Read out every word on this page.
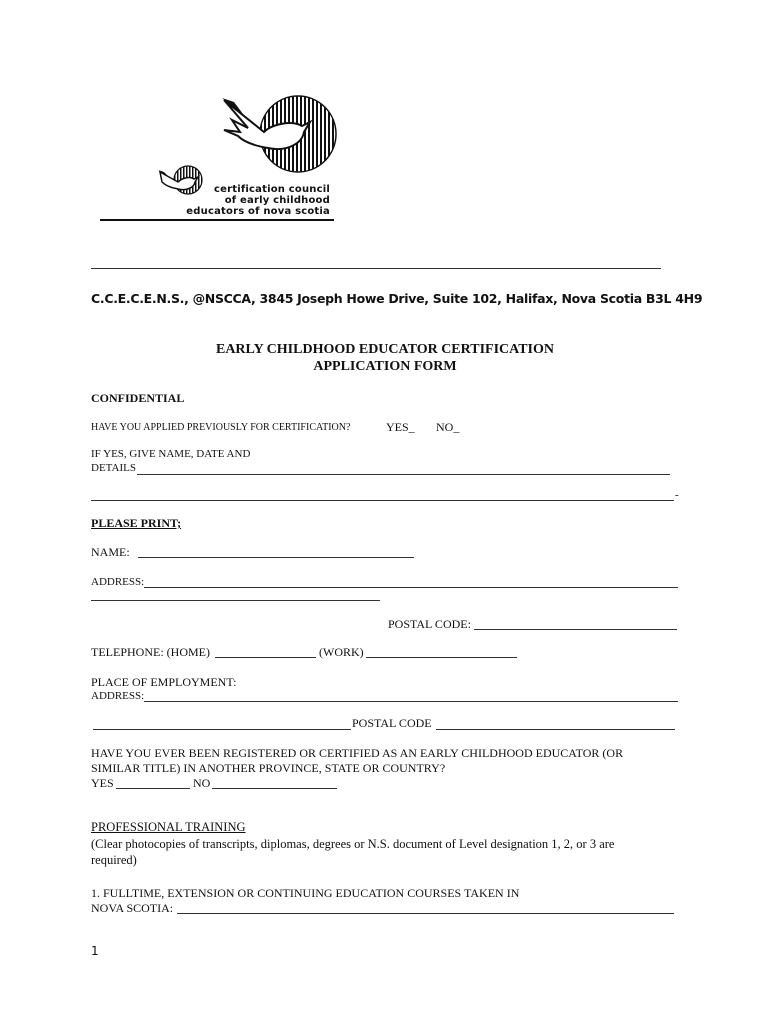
certification council
of early childhood
educators of nova scotia
C.C.E.C.E.N.S., @NSCCA, 3845 Joseph Howe Drive, Suite 102, Halifax, Nova Scotia B3L 4H9
EARLY CHILDHOOD EDUCATOR CERTIFICATION
APPLICATION FORM
CONFIDENTIAL
HAVE YOU APPLIED PREVIOUSLY FOR CERTIFICATION?	YES_ NO_
IF YES, GIVE NAME, DATE AND
DETAILS
-
PLEASE PRINT;
NAME:
ADDRESS:
POSTAL CODE:
TELEPHONE: (HOME)	(WORK)
PLACE OF EMPLOYMENT:
ADDRESS:
POSTAL CODE
HAVE YOU EVER BEEN REGISTERED OR CERTIFIED AS AN EARLY CHILDHOOD EDUCATOR (OR
SIMILAR TITLE) IN ANOTHER PROVINCE, STATE OR COUNTRY?
YES	NO
PROFESSIONAL TRAINING
(Clear photocopies of transcripts, diplomas, degrees or N.S. document of Level designation 1, 2, or 3 are
required)
1. FULLTIME, EXTENSION OR CONTINUING EDUCATION COURSES TAKEN IN
NOVA SCOTIA:
1
